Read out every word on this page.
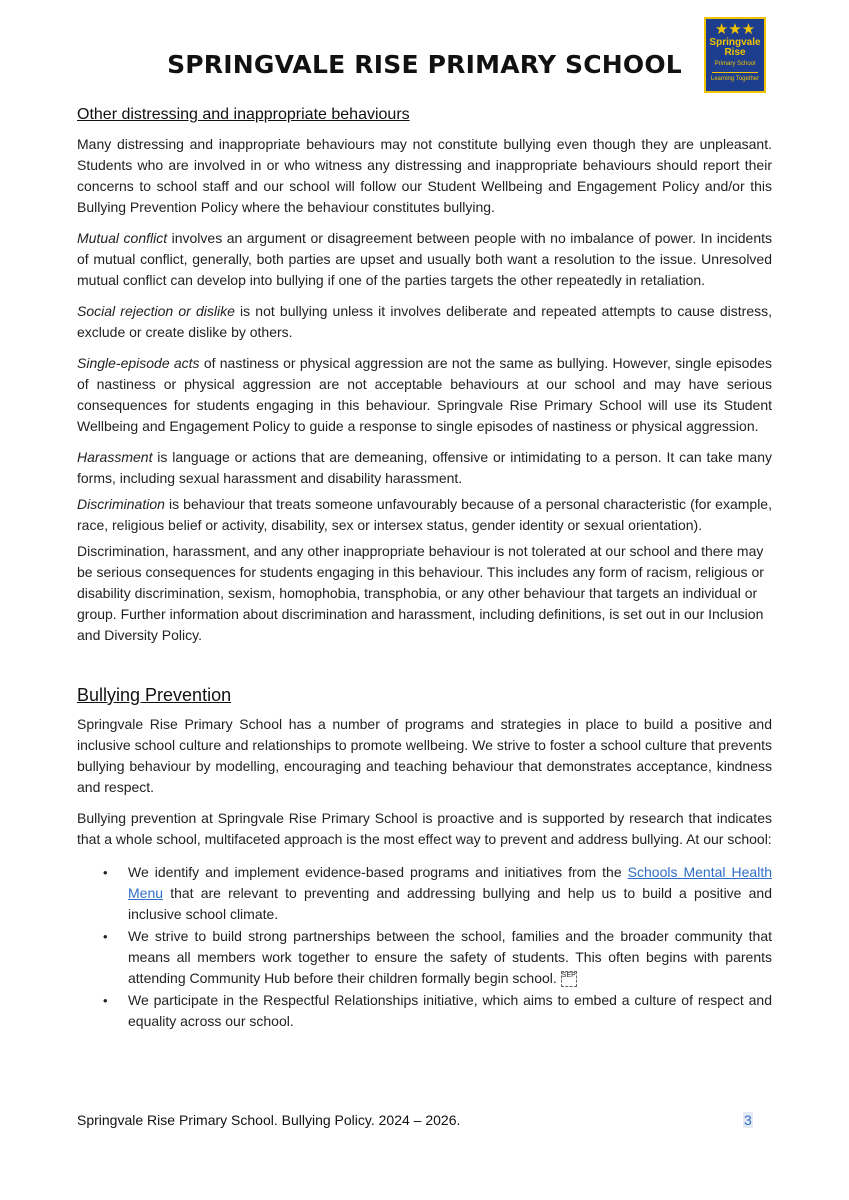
SPRINGVALE RISE PRIMARY SCHOOL
★★★
Springvale
Rise
Primary School
Learning Together
Other distressing and inappropriate behaviours

Many distressing and inappropriate behaviours may not constitute bullying even though they are unpleasant. Students who are involved in or who witness any distressing and inappropriate behaviours should report their concerns to school staff and our school will follow our Student Wellbeing and Engagement Policy and/or this Bullying Prevention Policy where the behaviour constitutes bullying.

Mutual conflict involves an argument or disagreement between people with no imbalance of power. In incidents of mutual conflict, generally, both parties are upset and usually both want a resolution to the issue. Unresolved mutual conflict can develop into bullying if one of the parties targets the other repeatedly in retaliation.

Social rejection or dislike is not bullying unless it involves deliberate and repeated attempts to cause distress, exclude or create dislike by others.

Single-episode acts of nastiness or physical aggression are not the same as bullying. However, single episodes of nastiness or physical aggression are not acceptable behaviours at our school and may have serious consequences for students engaging in this behaviour. Springvale Rise Primary School will use its Student Wellbeing and Engagement Policy to guide a response to single episodes of nastiness or physical aggression.

Harassment is language or actions that are demeaning, offensive or intimidating to a person. It can take many forms, including sexual harassment and disability harassment.

Discrimination is behaviour that treats someone unfavourably because of a personal characteristic (for example, race, religious belief or activity, disability, sex or intersex status, gender identity or sexual orientation).

Discrimination, harassment, and any other inappropriate behaviour is not tolerated at our school and there may be serious consequences for students engaging in this behaviour. This includes any form of racism, religious or disability discrimination, sexism, homophobia, transphobia, or any other behaviour that targets an individual or group. Further information about discrimination and harassment, including definitions, is set out in our Inclusion and Diversity Policy.

Bullying Prevention

Springvale Rise Primary School has a number of programs and strategies in place to build a positive and inclusive school culture and relationships to promote wellbeing. We strive to foster a school culture that prevents bullying behaviour by modelling, encouraging and teaching behaviour that demonstrates acceptance, kindness and respect.

Bullying prevention at Springvale Rise Primary School is proactive and is supported by research that indicates that a whole school, multifaceted approach is the most effect way to prevent and address bullying. At our school:

• We identify and implement evidence-based programs and initiatives from the Schools Mental Health Menu that are relevant to preventing and addressing bullying and help us to build a positive and inclusive school climate.
• We strive to build strong partnerships between the school, families and the broader community that means all members work together to ensure the safety of students. This often begins with parents attending Community Hub before their children formally begin school. SEP
• We participate in the Respectful Relationships initiative, which aims to embed a culture of respect and equality across our school.
Springvale Rise Primary School. Bullying Policy. 2024 – 2026.	3
